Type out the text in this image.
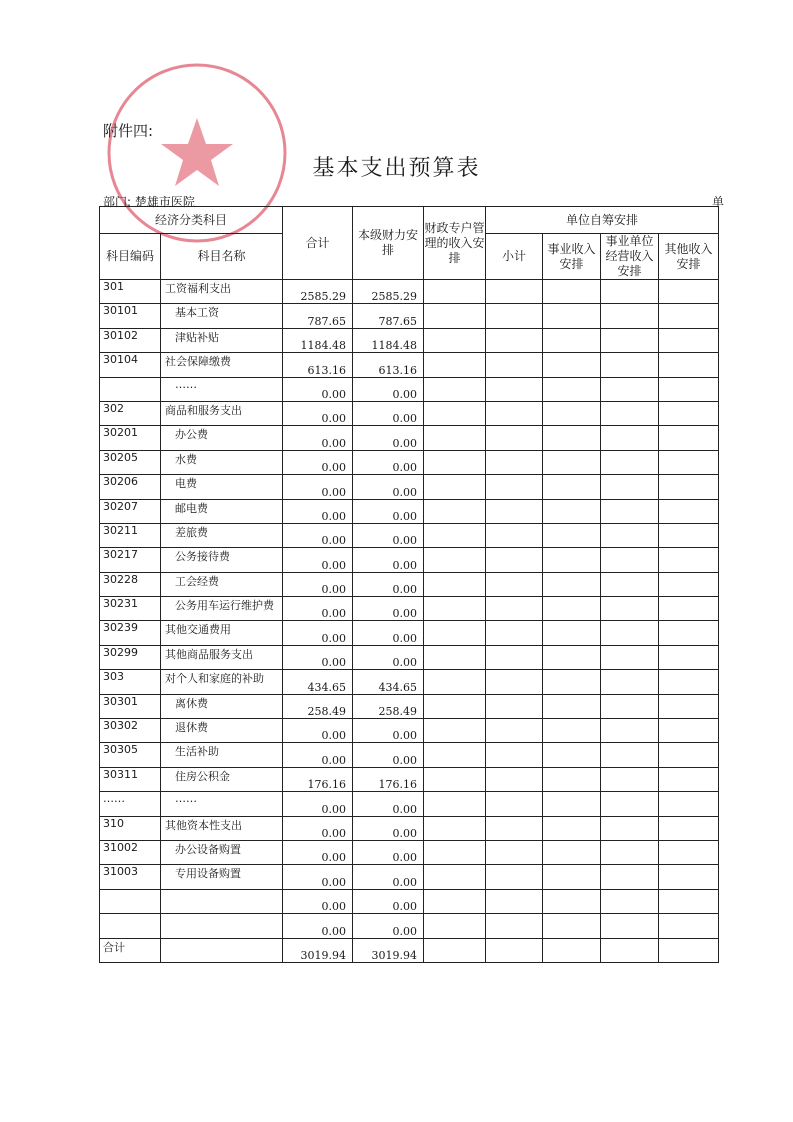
附件四:
基本支出预算表
部门: 楚雄市医院	单
经济分类科目		合计	本级财力安排	财政专户管理的收入安排	单位自筹安排			
科目编码	科目名称				小计	事业收入安排	事业单位经营收入安排	其他收入安排
301	工资福利支出	2585.29	2585.29					
30101	基本工资	787.65	787.65					
30102	津贴补贴	1184.48	1184.48					
30104	社会保障缴费	613.16	613.16					
	……	0.00	0.00					
302	商品和服务支出	0.00	0.00					
30201	办公费	0.00	0.00					
30205	水费	0.00	0.00					
30206	电费	0.00	0.00					
30207	邮电费	0.00	0.00					
30211	差旅费	0.00	0.00					
30217	公务接待费	0.00	0.00					
30228	工会经费	0.00	0.00					
30231	公务用车运行维护费	0.00	0.00					
30239	其他交通费用	0.00	0.00					
30299	其他商品服务支出	0.00	0.00					
303	对个人和家庭的补助	434.65	434.65					
30301	离休费	258.49	258.49					
30302	退休费	0.00	0.00					
30305	生活补助	0.00	0.00					
30311	住房公积金	176.16	176.16					
……	……	0.00	0.00					
310	其他资本性支出	0.00	0.00					
31002	办公设备购置	0.00	0.00					
31003	专用设备购置	0.00	0.00					
		0.00	0.00					
		0.00	0.00					
合计		3019.94	3019.94					
